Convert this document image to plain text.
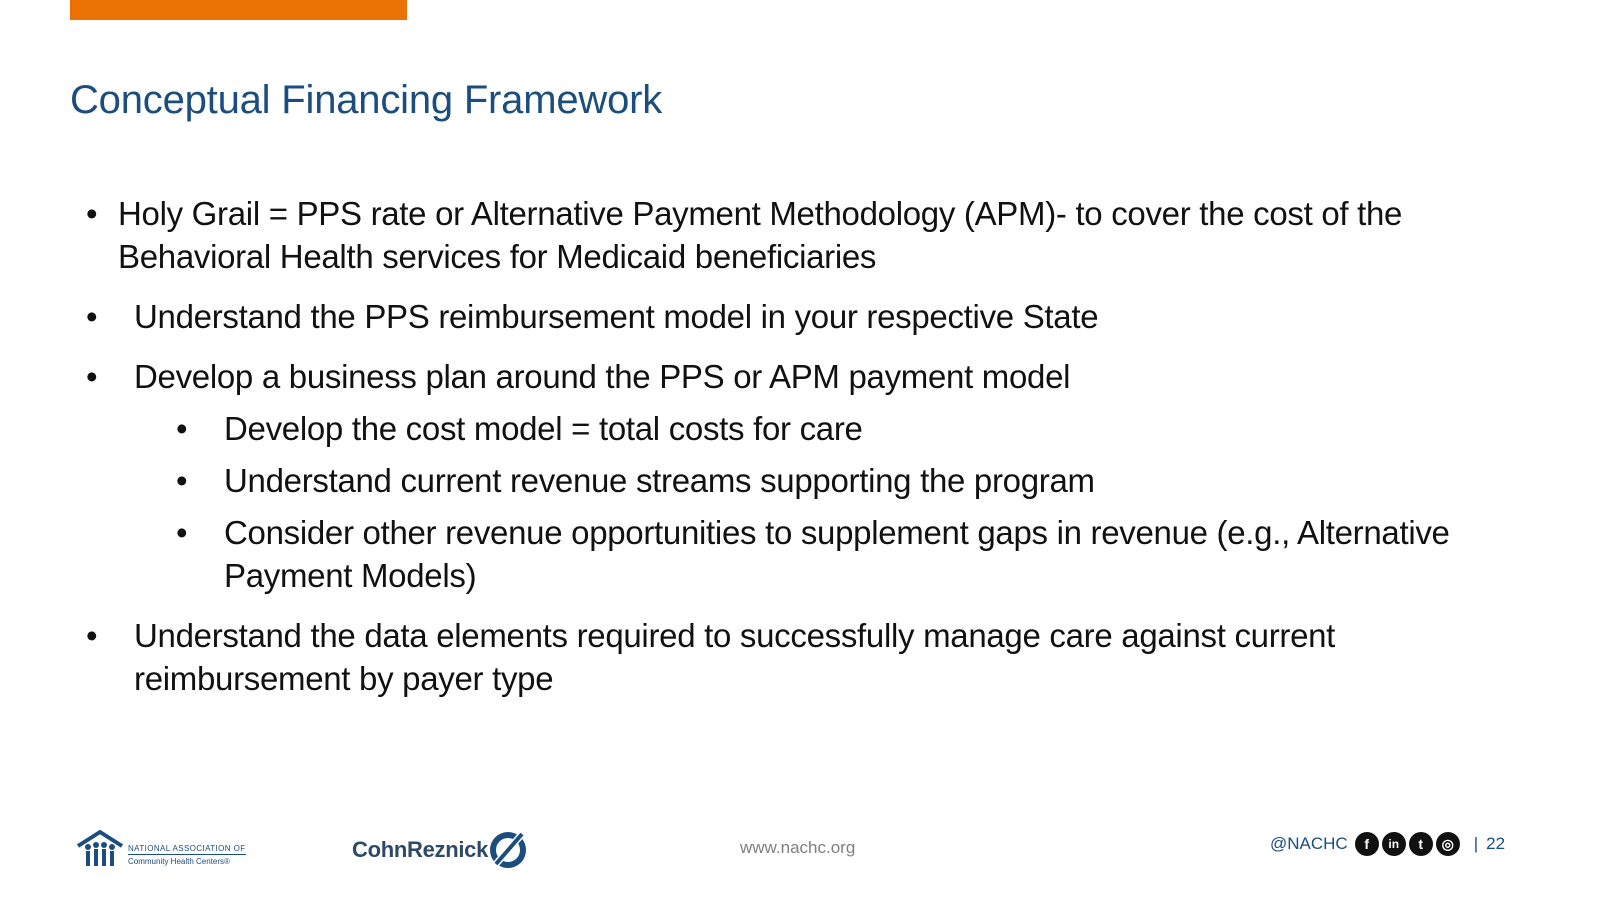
Conceptual Financing Framework
• Holy Grail = PPS rate or Alternative Payment Methodology (APM)- to cover the cost of the Behavioral Health services for Medicaid beneficiaries
• Understand the PPS reimbursement model in your respective State
• Develop a business plan around the PPS or APM payment model
• Develop the cost model = total costs for care
• Understand current revenue streams supporting the program
• Consider other revenue opportunities to supplement gaps in revenue (e.g., Alternative Payment Models)
• Understand the data elements required to successfully manage care against current reimbursement by payer type
NATIONAL ASSOCIATION OF
Community Health Centers®	CohnReznick	www.nachc.org	@NACHC	f	in	t	◎	| 22
